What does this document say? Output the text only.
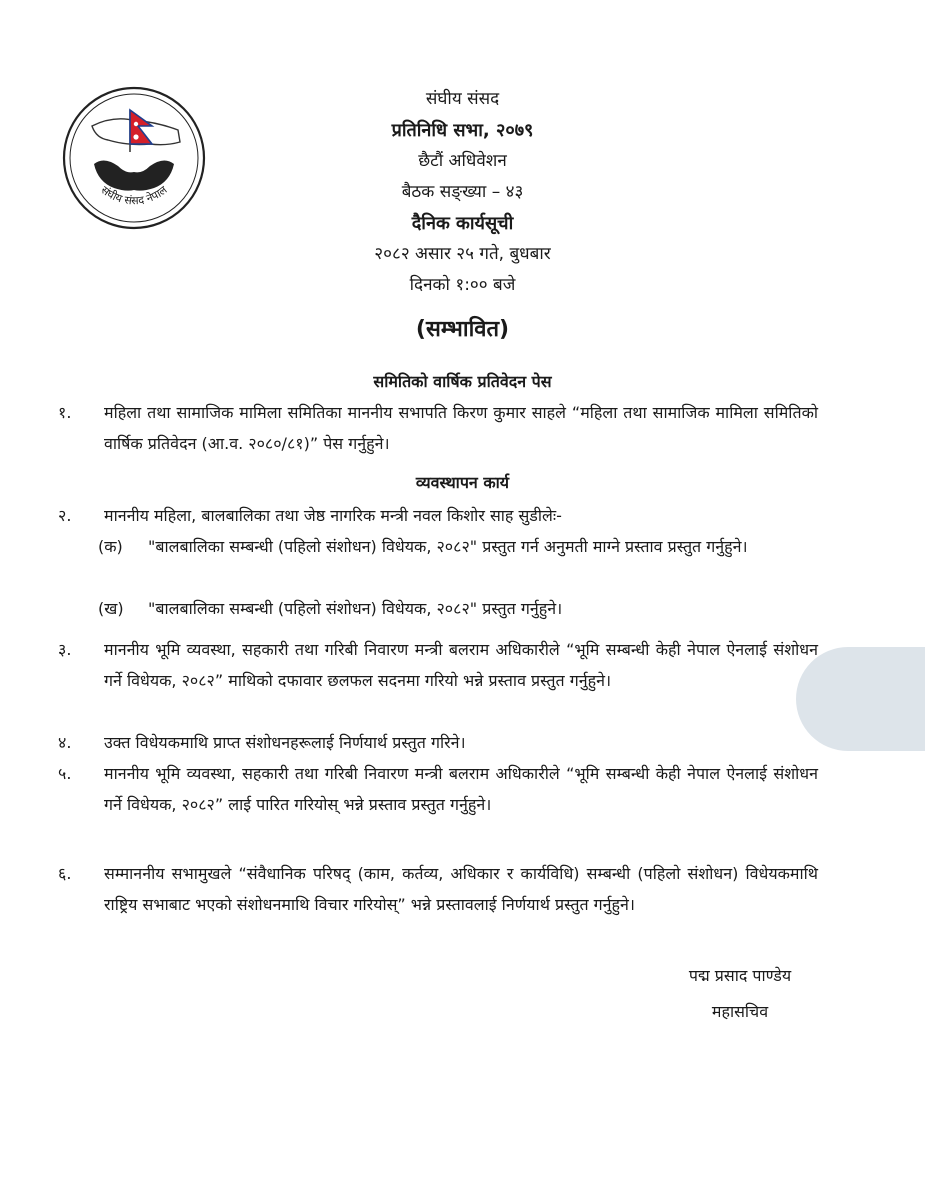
संघीय संसद नेपाल
संघीय संसद
प्रतिनिधि सभा, २०७९
छैटौं अधिवेशन
बैठक सङ्ख्या – ४३
दैनिक कार्यसूची
२०८२ असार २५ गते, बुधबार
दिनको १:०० बजे
(सम्भावित)
समितिको वार्षिक प्रतिवेदन पेस
१.	महिला तथा सामाजिक मामिला समितिका माननीय सभापति किरण कुमार साहले “महिला तथा सामाजिक मामिला समितिको वार्षिक प्रतिवेदन (आ.व. २०८०/८१)” पेस गर्नुहुने।
व्यवस्थापन कार्य
२.	माननीय महिला, बालबालिका तथा जेष्ठ नागरिक मन्त्री नवल किशोर साह सुडीलेः-
(क)	"बालबालिका सम्बन्धी (पहिलो संशोधन) विधेयक, २०८२" प्रस्तुत गर्न अनुमती माग्ने प्रस्ताव प्रस्तुत गर्नुहुने।
(ख)	"बालबालिका सम्बन्धी (पहिलो संशोधन) विधेयक, २०८२" प्रस्तुत गर्नुहुने।
३.	माननीय भूमि व्यवस्था, सहकारी तथा गरिबी निवारण मन्त्री बलराम अधिकारीले “भूमि सम्बन्धी केही नेपाल ऐनलाई संशोधन गर्ने विधेयक, २०८२” माथिको दफावार छलफल सदनमा गरियो भन्ने प्रस्ताव प्रस्तुत गर्नुहुने।
४.	उक्त विधेयकमाथि प्राप्त संशोधनहरूलाई निर्णयार्थ प्रस्तुत गरिने।
५.	माननीय भूमि व्यवस्था, सहकारी तथा गरिबी निवारण मन्त्री बलराम अधिकारीले “भूमि सम्बन्धी केही नेपाल ऐनलाई संशोधन गर्ने विधेयक, २०८२” लाई पारित गरियोस् भन्ने प्रस्ताव प्रस्तुत गर्नुहुने।
६.	सम्माननीय सभामुखले “संवैधानिक परिषद् (काम, कर्तव्य, अधिकार र कार्यविधि) सम्बन्धी (पहिलो संशोधन) विधेयकमाथि राष्ट्रिय सभाबाट भएको संशोधनमाथि विचार गरियोस्” भन्ने प्रस्तावलाई निर्णयार्थ प्रस्तुत गर्नुहुने।
पद्म प्रसाद पाण्डेय
महासचिव
